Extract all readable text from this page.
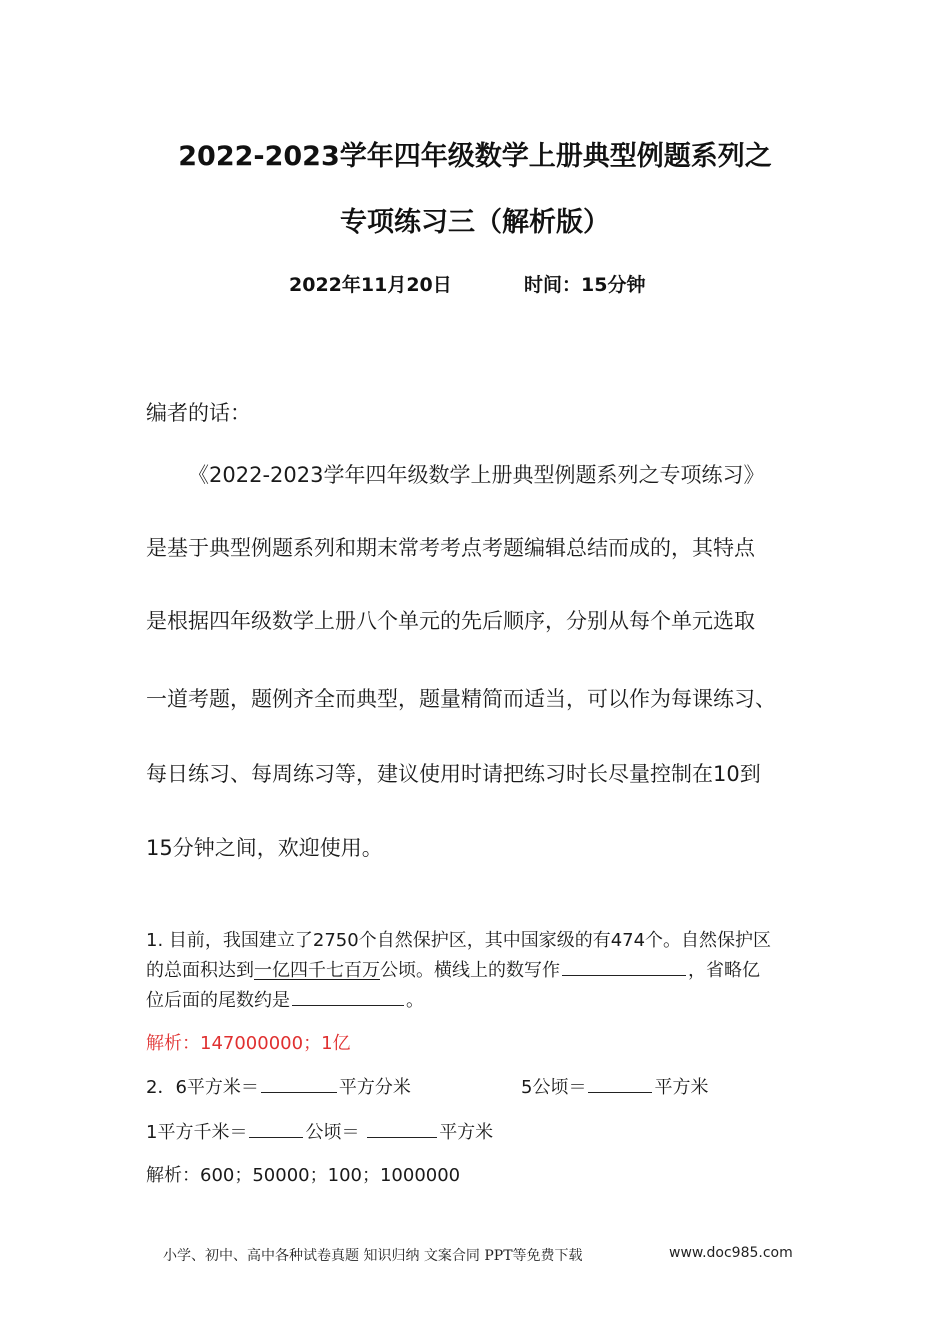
2022-2023学年四年级数学上册典型例题系列之
专项练习三（解析版）
2022年11月20日	时间：15分钟
编者的话：
《2022-2023学年四年级数学上册典型例题系列之专项练习》
是基于典型例题系列和期末常考考点考题编辑总结而成的，其特点
是根据四年级数学上册八个单元的先后顺序，分别从每个单元选取
一道考题，题例齐全而典型，题量精简而适当，可以作为每课练习、
每日练习、每周练习等，建议使用时请把练习时长尽量控制在10到
15分钟之间，欢迎使用。
1. 目前，我国建立了2750个自然保护区，其中国家级的有474个。自然保护区
的总面积达到一亿四千七百万公顷。横线上的数写作	，省略亿
位后面的尾数约是	。
解析：147000000；1亿
2．6平方米＝	平方分米	5公顷＝	平方米
1平方千米＝	公顷＝	平方米
解析：600；50000；100；1000000
小学、初中、高中各种试卷真题 知识归纳 文案合同 PPT等免费下载	www.doc985.com
